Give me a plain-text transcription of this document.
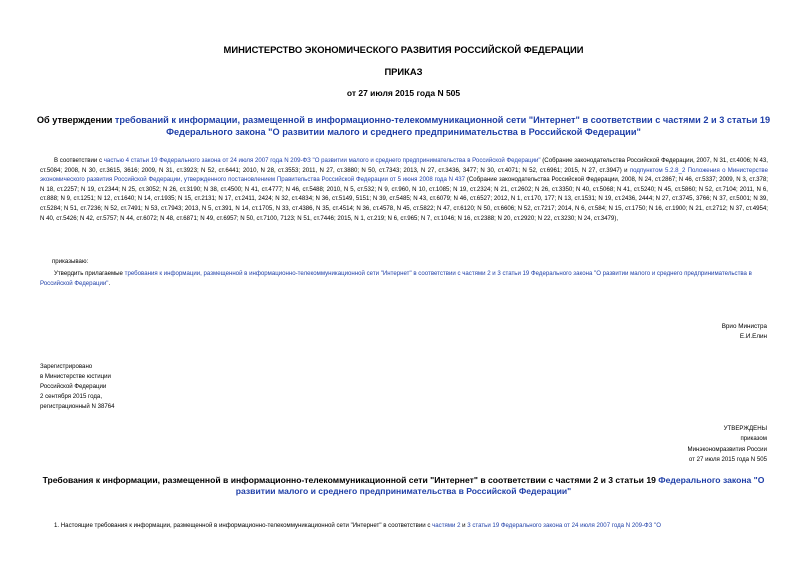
МИНИСТЕРСТВО ЭКОНОМИЧЕСКОГО РАЗВИТИЯ РОССИЙСКОЙ ФЕДЕРАЦИИ
ПРИКАЗ
от 27 июля 2015 года N 505
Об утверждении требований к информации, размещенной в информационно-телекоммуникационной сети "Интернет" в соответствии с частями 2 и 3 статьи 19 Федерального закона "О развитии малого и среднего предпринимательства в Российской Федерации"
В соответствии с частью 4 статьи 19 Федерального закона от 24 июля 2007 года N 209-ФЗ "О развитии малого и среднего предпринимательства в Российской Федерации" (Собрание законодательства Российской Федерации, 2007, N 31, ст.4006; N 43, ст.5084; 2008, N 30, ст.3615, 3616; 2009, N 31, ст.3923; N 52, ст.6441; 2010, N 28, ст.3553; 2011, N 27, ст.3880; N 50, ст.7343; 2013, N 27, ст.3436, 3477; N 30, ст.4071; N 52, ст.6961; 2015, N 27, ст.3947) и подпунктом 5.2.8_2 Положения о Министерстве экономического развития Российской Федерации, утвержденного постановлением Правительства Российской Федерации от 5 июня 2008 года N 437 (Собрание законодательства Российской Федерации, 2008, N 24, ст.2867; N 46, ст.5337; 2009, N 3, ст.378; N 18, ст.2257; N 19, ст.2344; N 25, ст.3052; N 26, ст.3190; N 38, ст.4500; N 41, ст.4777; N 46, ст.5488; 2010, N 5, ст.532; N 9, ст.960, N 10, ст.1085; N 19, ст.2324; N 21, ст.2602; N 26, ст.3350; N 40, ст.5068; N 41, ст.5240; N 45, ст.5860; N 52, ст.7104; 2011, N 6, ст.888; N 9, ст.1251; N 12, ст.1640; N 14, ст.1935; N 15, ст.2131; N 17, ст.2411, 2424; N 32, ст.4834; N 36, ст.5149, 5151; N 39, ст.5485; N 43, ст.6079; N 46, ст.6527; 2012, N 1, ст.170, 177; N 13, ст.1531; N 19, ст.2436, 2444; N 27, ст.3745, 3766; N 37, ст.5001; N 39, ст.5284; N 51, ст.7236; N 52, ст.7491; N 53, ст.7943; 2013, N 5, ст.391, N 14, ст.1705, N 33, ст.4386, N 35, ст.4514; N 36, ст.4578, N 45, ст.5822; N 47, ст.6120; N 50, ст.6606; N 52, ст.7217; 2014, N 6, ст.584; N 15, ст.1750; N 16, ст.1900; N 21, ст.2712; N 37, ст.4954; N 40, ст.5426; N 42, ст.5757; N 44, ст.6072; N 48, ст.6871; N 49, ст.6957; N 50, ст.7100, 7123; N 51, ст.7446; 2015, N 1, ст.219; N 6, ст.965; N 7, ст.1046; N 16, ст.2388; N 20, ст.2920; N 22, ст.3230; N 24, ст.3479),
приказываю:
Утвердить прилагаемые требования к информации, размещенной в информационно-телекоммуникационной сети "Интернет" в соответствии с частями 2 и 3 статьи 19 Федерального закона "О развитии малого и среднего предпринимательства в Российской Федерации".
Врио Министра
Е.И.Елин
Зарегистрировано
в Министерстве юстиции
Российской Федерации
2 сентября 2015 года,
регистрационный N 38764
УТВЕРЖДЕНЫ
приказом
Минэкономразвития России
от 27 июля 2015 года N 505
Требования к информации, размещенной в информационно-телекоммуникационной сети "Интернет" в соответствии с частями 2 и 3 статьи 19 Федерального закона "О развитии малого и среднего предпринимательства в Российской Федерации"
1. Настоящие требования к информации, размещенной в информационно-телекоммуникационной сети "Интернет" в соответствии с частями 2 и 3 статьи 19 Федерального закона от 24 июля 2007 года N 209-ФЗ "О
